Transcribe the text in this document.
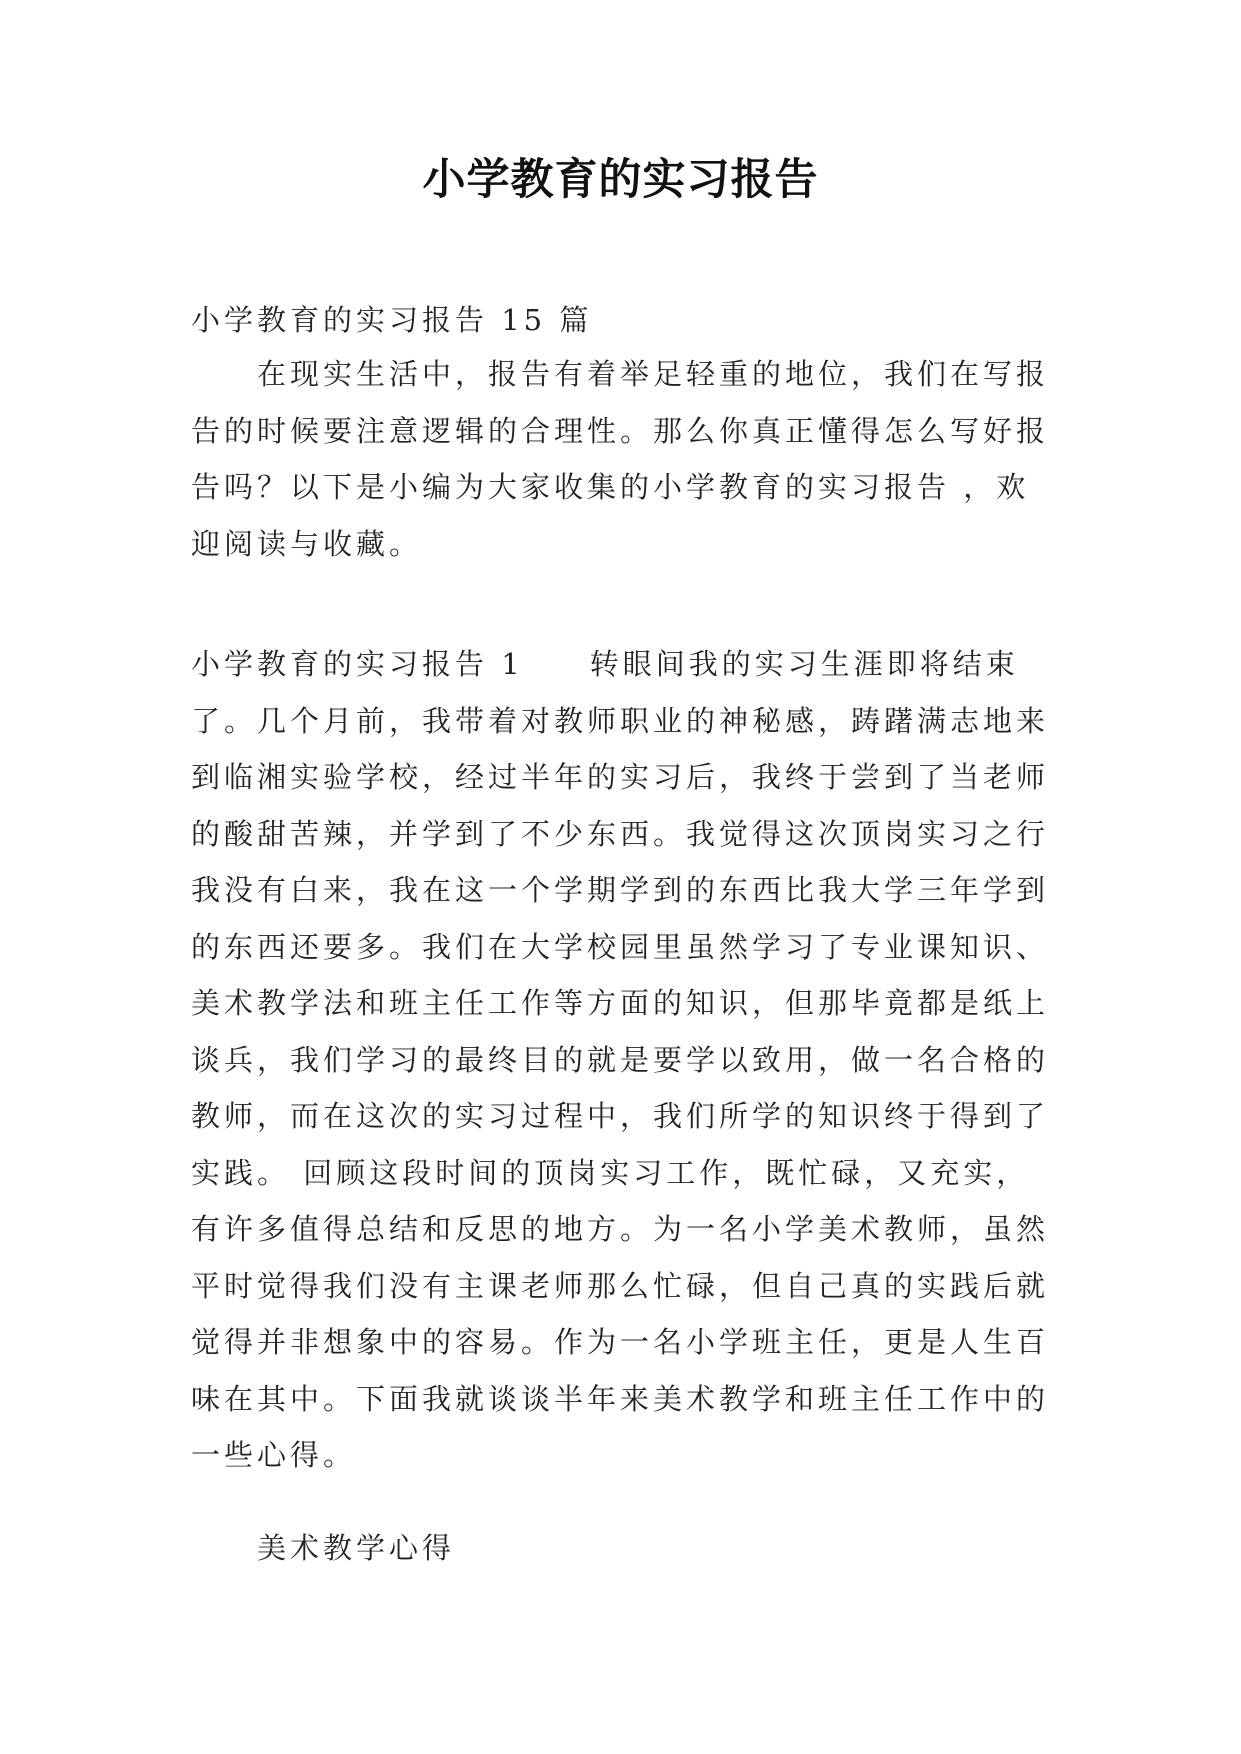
小学教育的实习报告
小学教育的实习报告 15 篇
在现实生活中，报告有着举足轻重的地位，我们在写报
告的时候要注意逻辑的合理性。那么你真正懂得怎么写好报
告吗？以下是小编为大家收集的小学教育的实习报告 ，欢
迎阅读与收藏。
小学教育的实习报告 1     转眼间我的实习生涯即将结束
了。几个月前，我带着对教师职业的神秘感，踌躇满志地来
到临湘实验学校，经过半年的实习后，我终于尝到了当老师
的酸甜苦辣，并学到了不少东西。我觉得这次顶岗实习之行
我没有白来，我在这一个学期学到的东西比我大学三年学到
的东西还要多。我们在大学校园里虽然学习了专业课知识、
美术教学法和班主任工作等方面的知识，但那毕竟都是纸上
谈兵，我们学习的最终目的就是要学以致用，做一名合格的
教师，而在这次的实习过程中，我们所学的知识终于得到了
实践。 回顾这段时间的顶岗实习工作，既忙碌，又充实，
有许多值得总结和反思的地方。为一名小学美术教师，虽然
平时觉得我们没有主课老师那么忙碌，但自己真的实践后就
觉得并非想象中的容易。作为一名小学班主任，更是人生百
味在其中。下面我就谈谈半年来美术教学和班主任工作中的
一些心得。
美术教学心得
